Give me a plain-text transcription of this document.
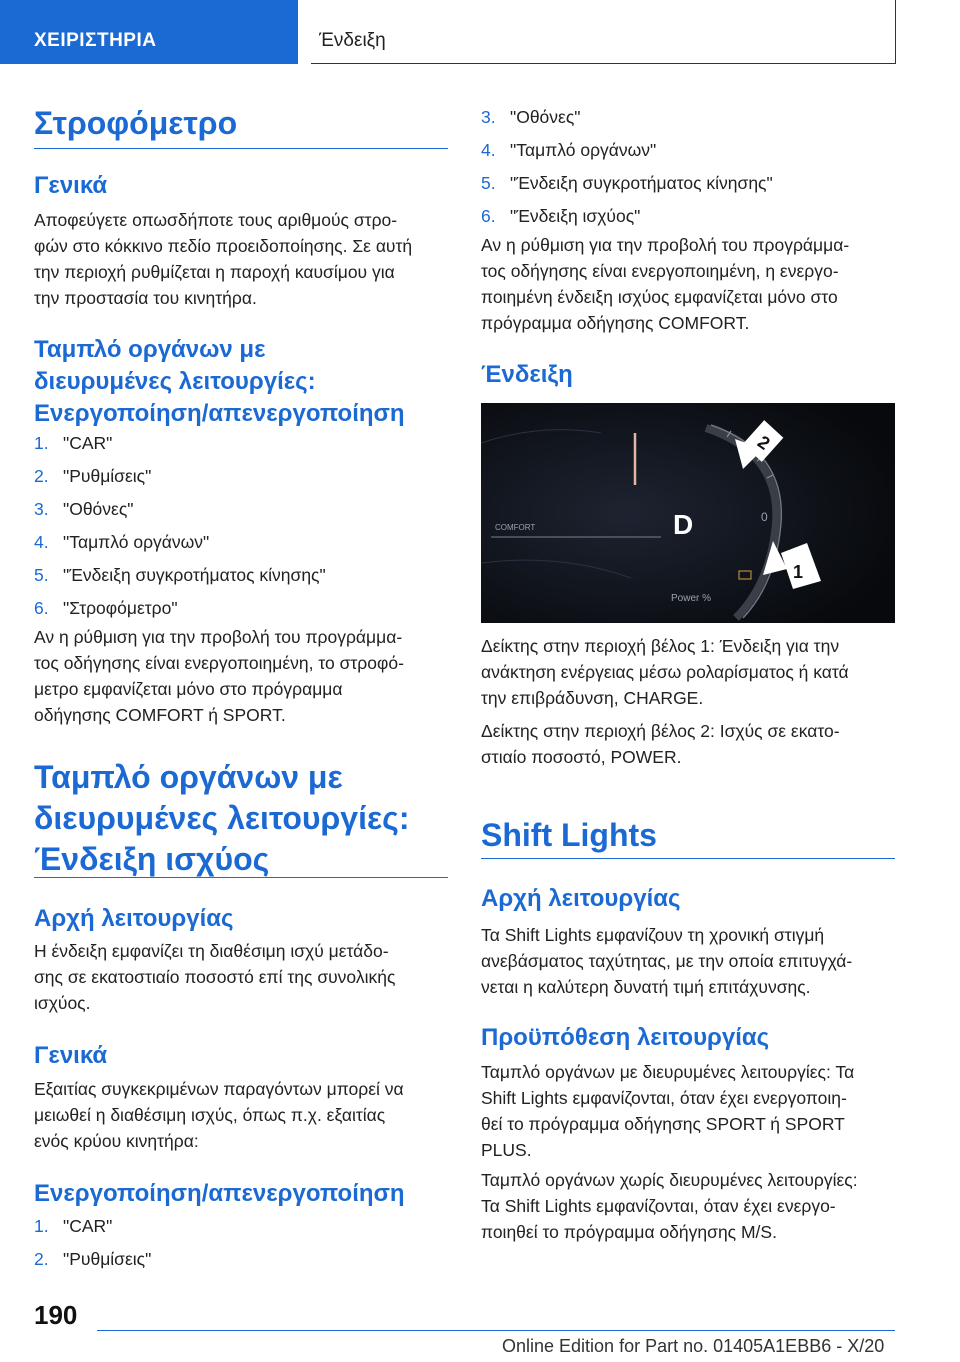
ΧΕΙΡΙΣΤΗΡΙΑ	Ένδειξη
Στροφόμετρο
Γενικά
Αποφεύγετε οπωσδήποτε τους αριθμούς στρο-
φών στο κόκκινο πεδίο προειδοποίησης. Σε αυτή
την περιοχή ρυθμίζεται η παροχή καυσίμου για
την προστασία του κινητήρα.
Ταμπλό οργάνων με
διευρυμένες λειτουργίες:
Ενεργοποίηση/απενεργοποίηση
1. "CAR"
2. "Ρυθμίσεις"
3. "Οθόνες"
4. "Ταμπλό οργάνων"
5. "Ένδειξη συγκροτήματος κίνησης"
6. "Στροφόμετρο"
Αν η ρύθμιση για την προβολή του προγράμμα-
τος οδήγησης είναι ενεργοποιημένη, το στροφό-
μετρο εμφανίζεται μόνο στο πρόγραμμα
οδήγησης COMFORT ή SPORT.
Ταμπλό οργάνων με
διευρυμένες λειτουργίες:
Ένδειξη ισχύος
Αρχή λειτουργίας
Η ένδειξη εμφανίζει τη διαθέσιμη ισχύ μετάδο-
σης σε εκατοστιαίο ποσοστό επί της συνολικής
ισχύος.
Γενικά
Εξαιτίας συγκεκριμένων παραγόντων μπορεί να
μειωθεί η διαθέσιμη ισχύς, όπως π.χ. εξαιτίας
ενός κρύου κινητήρα:
Ενεργοποίηση/απενεργοποίηση
1. "CAR"
2. "Ρυθμίσεις"
3. "Οθόνες"
4. "Ταμπλό οργάνων"
5. "Ένδειξη συγκροτήματος κίνησης"
6. "Ένδειξη ισχύος"
Αν η ρύθμιση για την προβολή του προγράμμα-
τος οδήγησης είναι ενεργοποιημένη, η ενεργο-
ποιημένη ένδειξη ισχύος εμφανίζεται μόνο στο
πρόγραμμα οδήγησης COMFORT.
Ένδειξη
D
COMFORT
0
Power %
2
1
Δείκτης στην περιοχή βέλος 1: Ένδειξη για την
ανάκτηση ενέργειας μέσω ρολαρίσματος ή κατά
την επιβράδυνση, CHARGE.
Δείκτης στην περιοχή βέλος 2: Ισχύς σε εκατο-
στιαίο ποσοστό, POWER.
Shift Lights
Αρχή λειτουργίας
Τα Shift Lights εμφανίζουν τη χρονική στιγμή
ανεβάσματος ταχύτητας, με την οποία επιτυγχά-
νεται η καλύτερη δυνατή τιμή επιτάχυνσης.
Προϋπόθεση λειτουργίας
Ταμπλό οργάνων με διευρυμένες λειτουργίες: Τα
Shift Lights εμφανίζονται, όταν έχει ενεργοποιη-
θεί το πρόγραμμα οδήγησης SPORT ή SPORT
PLUS.
Ταμπλό οργάνων χωρίς διευρυμένες λειτουργίες:
Τα Shift Lights εμφανίζονται, όταν έχει ενεργο-
ποιηθεί το πρόγραμμα οδήγησης M/S.
190
Online Edition for Part no. 01405A1EBB6 - X/20
